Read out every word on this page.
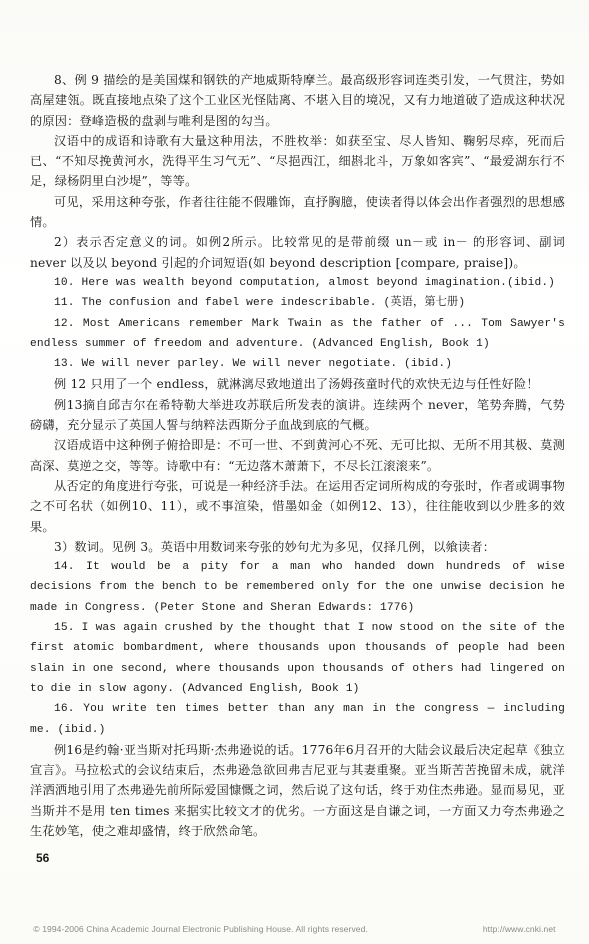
8、例 9 描绘的是美国煤和钢铁的产地威斯特摩兰。最高级形容词连类引发，一气贯注，势如高屋建瓴。既直接地点染了这个工业区光怪陆离、不堪入目的境况，又有力地道破了造成这种状况的原因：登峰造极的盘剥与唯利是图的勾当。

汉语中的成语和诗歌有大量这种用法，不胜枚举：如获至宝、尽人皆知、鞠躬尽瘁，死而后已、“不知尽挽黄河水，洗得平生习气无”、“尽挹西江，细斟北斗，万象如客宾”、“最爱湖东行不足，绿杨阴里白沙堤”，等等。

可见，采用这种夸张，作者往往能不假雕饰，直抒胸臆，使读者得以体会出作者强烈的思想感情。

2）表示否定意义的词。如例2所示。比较常见的是带前缀 un－或 in－ 的形容词、副词 never 以及以 beyond 引起的介词短语(如 beyond description [compare, praise])。

10. Here was wealth beyond computation, almost beyond imagination.(ibid.)

11. The confusion and fabel were indescribable. (英语，第七册)

12. Most Americans remember Mark Twain as the father of ... Tom Sawyer's endless summer of freedom and adventure. (Advanced English, Book 1)

13. We will never parley. We will never negotiate. (ibid.)

例 12 只用了一个 endless，就淋漓尽致地道出了汤姆孩童时代的欢快无边与任性好险！

例13摘自邱吉尔在希特勒大举进攻苏联后所发表的演讲。连续两个 never，笔势奔腾，气势磅礴，充分显示了英国人誓与纳粹法西斯分子血战到底的气概。

汉语成语中这种例子俯拾即是：不可一世、不到黄河心不死、无可比拟、无所不用其极、莫测高深、莫逆之交，等等。诗歌中有：“无边落木萧萧下，不尽长江滚滚来”。

从否定的角度进行夸张，可说是一种经济手法。在运用否定词所构成的夸张时，作者或调事物之不可名状（如例10、11），或不事渲染，惜墨如金（如例12、13），往往能收到以少胜多的效果。

3）数词。见例 3。英语中用数词来夸张的妙句尤为多见，仅择几例，以飨读者：

14. It would be a pity for a man who handed down hundreds of wise decisions from the bench to be remembered only for the one unwise decision he made in Congress. (Peter Stone and Sheran Edwards: 1776)

15. I was again crushed by the thought that I now stood on the site of the first atomic bombardment, where thousands upon thousands of people had been slain in one second, where thousands upon thousands of others had lingered on to die in slow agony. (Advanced English, Book 1)

16. You write ten times better than any man in the congress — including me. (ibid.)

例16是约翰·亚当斯对托玛斯·杰弗逊说的话。1776年6月召开的大陆会议最后决定起草《独立宣言》。马拉松式的会议结束后，杰弗逊急欲回弗吉尼亚与其妻重聚。亚当斯苦苦挽留未成，就洋洋洒洒地引用了杰弗逊先前所际爱国慷慨之词，然后说了这句话，终于劝住杰弗逊。显而易见，亚当斯并不是用 ten times 来据实比较文才的优劣。一方面这是自谦之词，一方面又力夸杰弗逊之生花妙笔，使之难却盛情，终于欣然命笔。

56
© 1994-2006 China Academic Journal Electronic Publishing House. All rights reserved.	http://www.cnki.net
